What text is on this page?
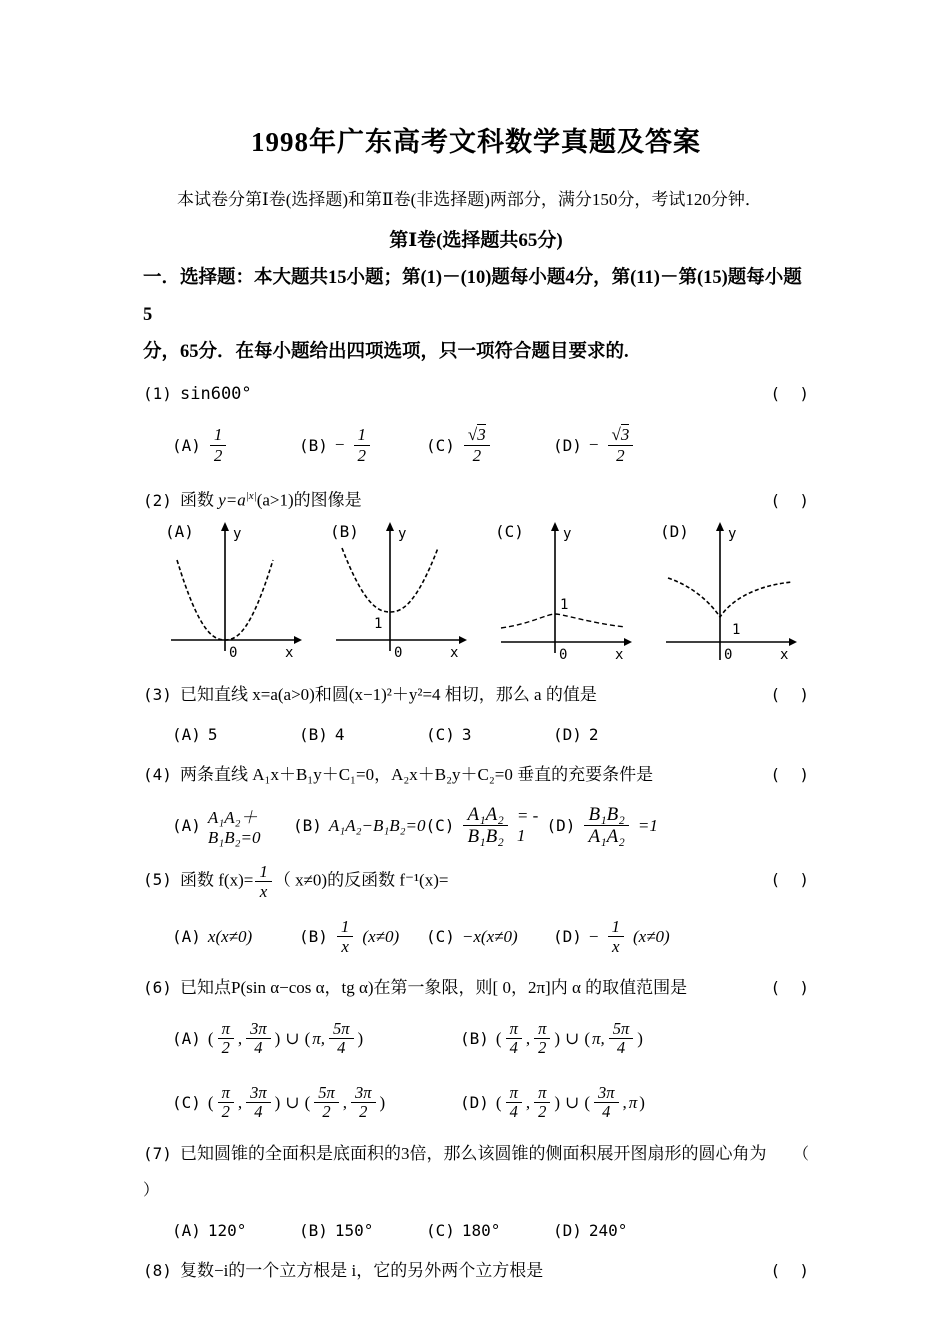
1998年广东高考文科数学真题及答案

本试卷分第Ⅰ卷(选择题)和第Ⅱ卷(非选择题)两部分，满分150分，考试120分钟．

第Ⅰ卷(选择题共65分)
一．选择题：本大题共15小题；第(1)－(10)题每小题4分，第(11)－第(15)题每小题5
分，65分．在每小题给出四项选项，只一项符合题目要求的.
(1) sin600°	(  )
$(A) \frac{1}{2}$	$(B) - \frac{1}{2}$	$(C) \frac{√3}{2}$	$(D) - \frac{√3}{2}$
(2) 函数 $y=a^{|x|}(a>1)$的图像是	(  )
(A)	y
x
0
(B)	y
x
0
1
(C)	y
x
0
1
(D)	y
x
0
1
(3) 已知直线 x=a(a>0)和圆(x−1)²＋y²=4 相切，那么 a 的值是	(  )
(A) 5	(B) 4	(C) 3	(D) 2
(4) 两条直线 A₁x＋B₁y＋C₁=0，A₂x＋B₂y＋C₂=0 垂直的充要条件是	(  )
(A) A₁A₂＋B₁B₂=0
(B) A₁A₂−B₁B₂=0 $(C) \frac{\text{A₁A₂}}{\text{B₁B₂}}$ = - 1	$(D) \frac{\text{B₁B₂}}{\text{A₁A₂}} =1$
(5) 函数 $f(x)= \frac{1}{x}$ （ x≠0)的反函数 f⁻¹(x)=	(  )
(A) x(x≠0)	$(B) \frac{1}{x} (x\ne 0)$ (C) −x(x≠0) $(D) - \frac{1}{x} (x\ne 0)$
(6) 已知点P(sin α−cos α，tg α)在第一象限，则[ 0，2π]内 α 的取值范围是	(  )
(A) ( $\frac{\pi}{2}$ , $\frac{3\pi}{4}$ ) ∪ ( π, $\frac{5\pi}{4}$ )	(B) ( $\frac{\pi}{4}$ , $\frac{\pi}{2}$ ) ∪ ( π, $\frac{5\pi}{4}$ )
(C) ( $\frac{\pi}{2}$ , $\frac{3\pi}{4}$ ) ∪ ( $\frac{5\pi}{2}$ , $\frac{3\pi}{2}$ )	(D) ( $\frac{\pi}{4}$ , $\frac{\pi}{2}$ ) ∪ ( $\frac{3\pi}{4}$ , π )
(7) 已知圆锥的全面积是底面积的3倍，那么该圆锥的侧面积展开图扇形的圆心角为	（
）
(A) 120°	(B) 150°	(C) 180°	(D) 240°
(8) 复数−i的一个立方根是 i，它的另外两个立方根是	(  )
